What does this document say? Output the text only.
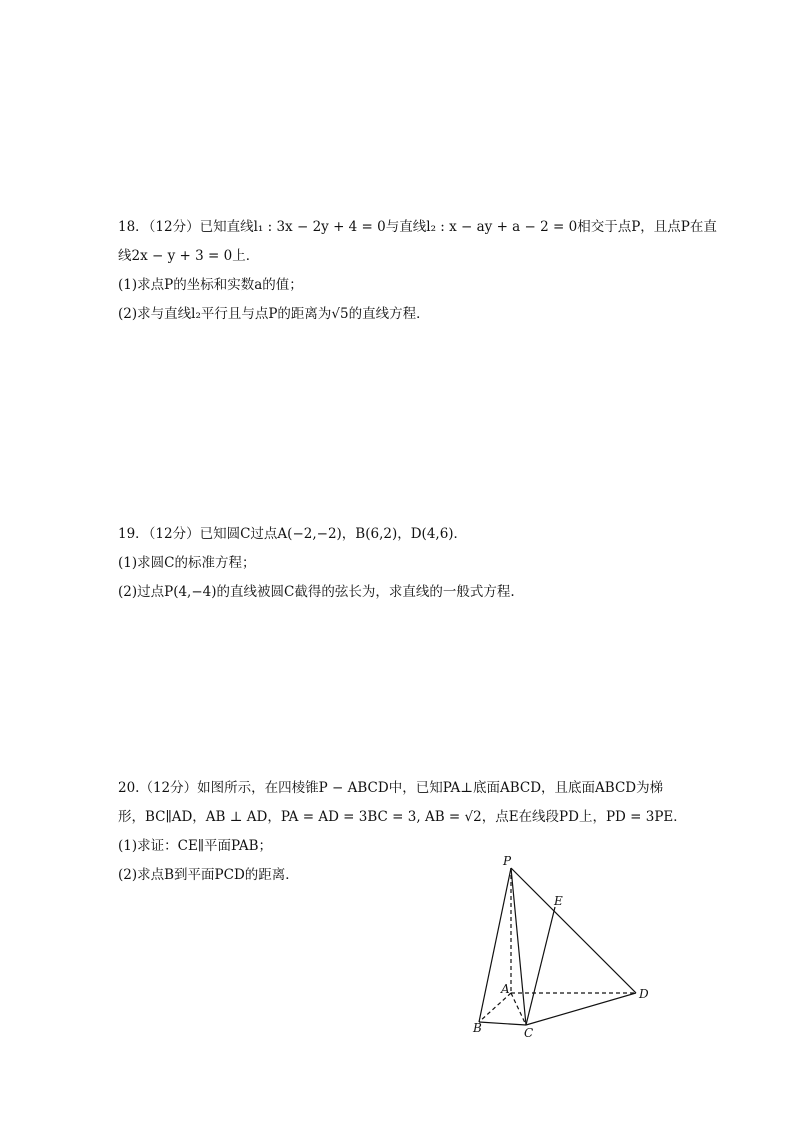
18．（12分）已知直线l₁ : 3x − 2y + 4 = 0与直线l₂ : x − ay + a − 2 = 0相交于点P，且点P在直
线2x − y + 3 = 0上．
(1)求点P的坐标和实数a的值；
(2)求与直线l₂平行且与点P的距离为√5的直线方程．
19．（12分）已知圆C过点A(−2,−2)，B(6,2)，D(4,6)．
(1)求圆C的标准方程；
(2)过点P(4,−4)的直线被圆C截得的弦长为，求直线的一般式方程.
20.（12分）如图所示，在四棱锥P − ABCD中，已知PA⊥底面ABCD，且底面ABCD为梯
形，BC∥AD，AB ⊥ AD，PA = AD = 3BC = 3, AB = √2，点E在线段PD上，PD = 3PE．
(1)求证：CE∥平面PAB；
(2)求点B到平面PCD的距离．
P
E
A	D
B	C
